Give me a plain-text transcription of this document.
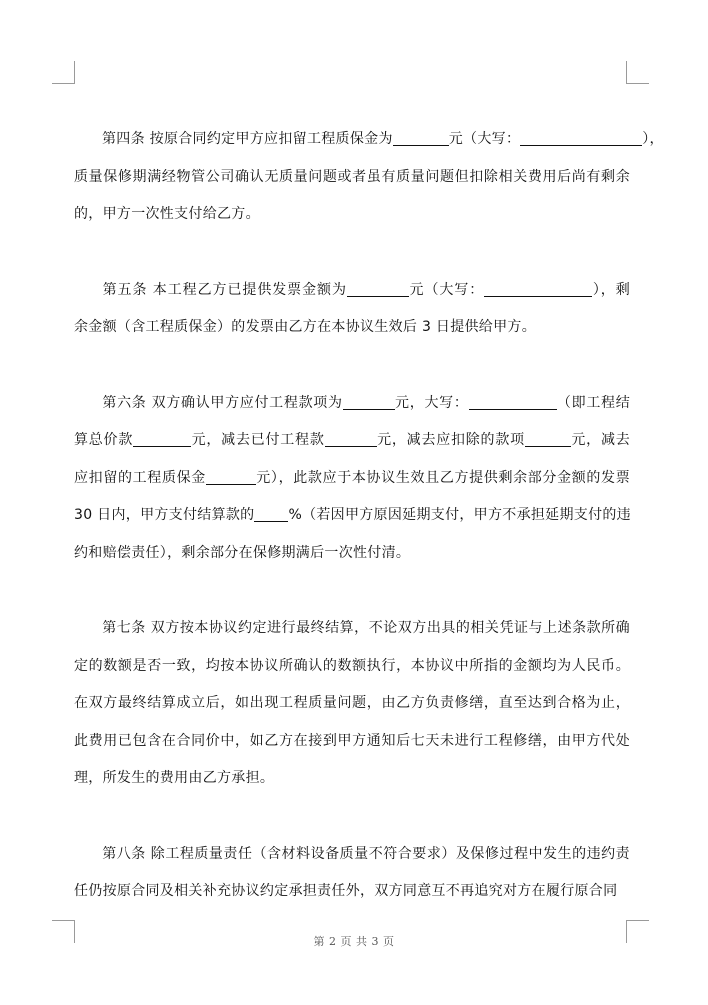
第四条 按原合同约定甲方应扣留工程质保金为	元（大写：	），
质量保修期满经物管公司确认无质量问题或者虽有质量问题但扣除相关费用后尚有剩余
的，甲方一次性支付给乙方。
第五条 本工程乙方已提供发票金额为	元（大写：	），剩
余金额（含工程质保金）的发票由乙方在本协议生效后 3 日提供给甲方。
第六条 双方确认甲方应付工程款项为	元，大写：	（即工程结
算总价款	元，减去已付工程款	元，减去应扣除的款项	元，减去
应扣留的工程质保金	元），此款应于本协议生效且乙方提供剩余部分金额的发票
30 日内，甲方支付结算款的 %（若因甲方原因延期支付，甲方不承担延期支付的违
约和赔偿责任），剩余部分在保修期满后一次性付清。
第七条 双方按本协议约定进行最终结算，不论双方出具的相关凭证与上述条款所确
定的数额是否一致，均按本协议所确认的数额执行，本协议中所指的金额均为人民币。
在双方最终结算成立后，如出现工程质量问题，由乙方负责修缮，直至达到合格为止，
此费用已包含在合同价中，如乙方在接到甲方通知后七天未进行工程修缮，由甲方代处
理，所发生的费用由乙方承担。
第八条 除工程质量责任（含材料设备质量不符合要求）及保修过程中发生的违约责
任仍按原合同及相关补充协议约定承担责任外，双方同意互不再追究对方在履行原合同
第 2 页 共 3 页
